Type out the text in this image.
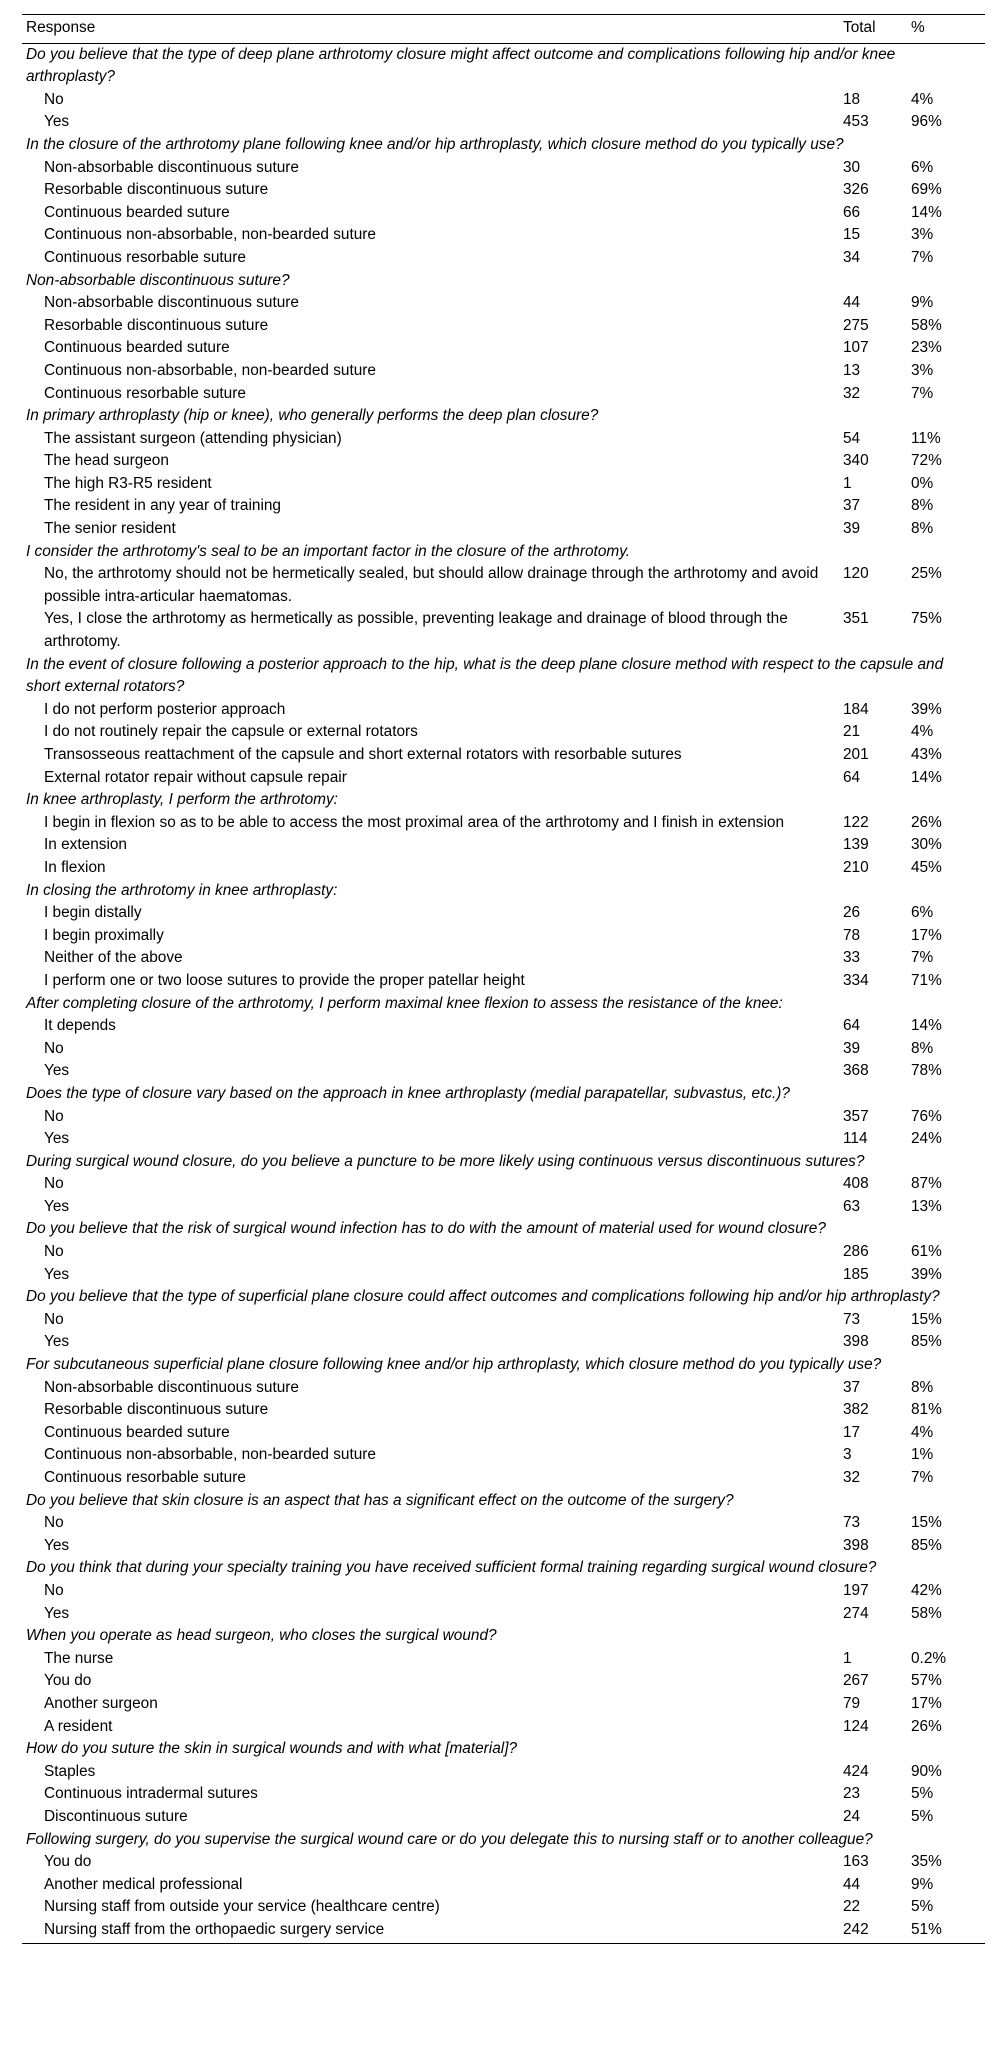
Response	Total	%
Do you believe that the type of deep plane arthrotomy closure might affect outcome and complications following hip and/or knee arthroplasty?		
No	18	4%
Yes	453	96%
In the closure of the arthrotomy plane following knee and/or hip arthroplasty, which closure method do you typically use?		
Non-absorbable discontinuous suture	30	6%
Resorbable discontinuous suture	326	69%
Continuous bearded suture	66	14%
Continuous non-absorbable, non-bearded suture	15	3%
Continuous resorbable suture	34	7%
Non-absorbable discontinuous suture?		
Non-absorbable discontinuous suture	44	9%
Resorbable discontinuous suture	275	58%
Continuous bearded suture	107	23%
Continuous non-absorbable, non-bearded suture	13	3%
Continuous resorbable suture	32	7%
In primary arthroplasty (hip or knee), who generally performs the deep plan closure?		
The assistant surgeon (attending physician)	54	11%
The head surgeon	340	72%
The high R3-R5 resident	1	0%
The resident in any year of training	37	8%
The senior resident	39	8%
I consider the arthrotomy's seal to be an important factor in the closure of the arthrotomy.		
No, the arthrotomy should not be hermetically sealed, but should allow drainage through the arthrotomy and avoid possible intra-articular haematomas.	120	25%
Yes, I close the arthrotomy as hermetically as possible, preventing leakage and drainage of blood through the arthrotomy.	351	75%
In the event of closure following a posterior approach to the hip, what is the deep plane closure method with respect to the capsule and short external rotators?		
I do not perform posterior approach	184	39%
I do not routinely repair the capsule or external rotators	21	4%
Transosseous reattachment of the capsule and short external rotators with resorbable sutures	201	43%
External rotator repair without capsule repair	64	14%
In knee arthroplasty, I perform the arthrotomy:		
I begin in flexion so as to be able to access the most proximal area of the arthrotomy and I finish in extension	122	26%
In extension	139	30%
In flexion	210	45%
In closing the arthrotomy in knee arthroplasty:		
I begin distally	26	6%
I begin proximally	78	17%
Neither of the above	33	7%
I perform one or two loose sutures to provide the proper patellar height	334	71%
After completing closure of the arthrotomy, I perform maximal knee flexion to assess the resistance of the knee:		
It depends	64	14%
No	39	8%
Yes	368	78%
Does the type of closure vary based on the approach in knee arthroplasty (medial parapatellar, subvastus, etc.)?		
No	357	76%
Yes	114	24%
During surgical wound closure, do you believe a puncture to be more likely using continuous versus discontinuous sutures?		
No	408	87%
Yes	63	13%
Do you believe that the risk of surgical wound infection has to do with the amount of material used for wound closure?		
No	286	61%
Yes	185	39%
Do you believe that the type of superficial plane closure could affect outcomes and complications following hip and/or hip arthroplasty?		
No	73	15%
Yes	398	85%
For subcutaneous superficial plane closure following knee and/or hip arthroplasty, which closure method do you typically use?		
Non-absorbable discontinuous suture	37	8%
Resorbable discontinuous suture	382	81%
Continuous bearded suture	17	4%
Continuous non-absorbable, non-bearded suture	3	1%
Continuous resorbable suture	32	7%
Do you believe that skin closure is an aspect that has a significant effect on the outcome of the surgery?		
No	73	15%
Yes	398	85%
Do you think that during your specialty training you have received sufficient formal training regarding surgical wound closure?		
No	197	42%
Yes	274	58%
When you operate as head surgeon, who closes the surgical wound?		
The nurse	1	0.2%
You do	267	57%
Another surgeon	79	17%
A resident	124	26%
How do you suture the skin in surgical wounds and with what [material]?		
Staples	424	90%
Continuous intradermal sutures	23	5%
Discontinuous suture	24	5%
Following surgery, do you supervise the surgical wound care or do you delegate this to nursing staff or to another colleague?		
You do	163	35%
Another medical professional	44	9%
Nursing staff from outside your service (healthcare centre)	22	5%
Nursing staff from the orthopaedic surgery service	242	51%
